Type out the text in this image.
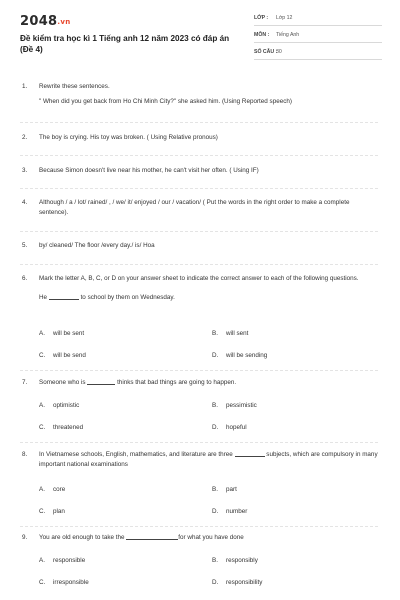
2048.vn
Đề kiểm tra học kì 1 Tiếng anh 12 năm 2023 có đáp án (Đề 4)
LỚP : Lớp 12
MÔN : Tiếng Anh
SỐ CÂU :
30
1. Rewrite these sentences.
" When did you get back from Ho Chi Minh City?" she asked him. (Using Reported speech)
2. The boy is crying. His toy was broken. ( Using Relative pronous)
3. Because Simon doesn't live near his mother, he can't visit her often. ( Using IF)
4. Although / a / lot/ rained/ , / we/ it/ enjoyed / our / vacation/ ( Put the words in the right order to make a complete sentence).
5. by/ cleaned/ The floor /every day./ is/ Hoa
6. Mark the letter A, B, C, or D on your answer sheet to indicate the correct answer to each of the following questions.
He	to school by them on Wednesday.
A. will be sent	B. will sent
C. will be send	D. will be sending
7. Someone who is	thinks that bad things are going to happen.
A. optimistic	B. pessimistic
C. threatened	D. hopeful
8. In Vietnamese schools, English, mathematics, and literature are three	subjects, which are compulsory in many important national examinations
A. core	B. part
C. plan	D. number
9. You are old enough to take the	for what you have done
A. responsible	B. responsibly
C. irresponsible	D. responsibility
